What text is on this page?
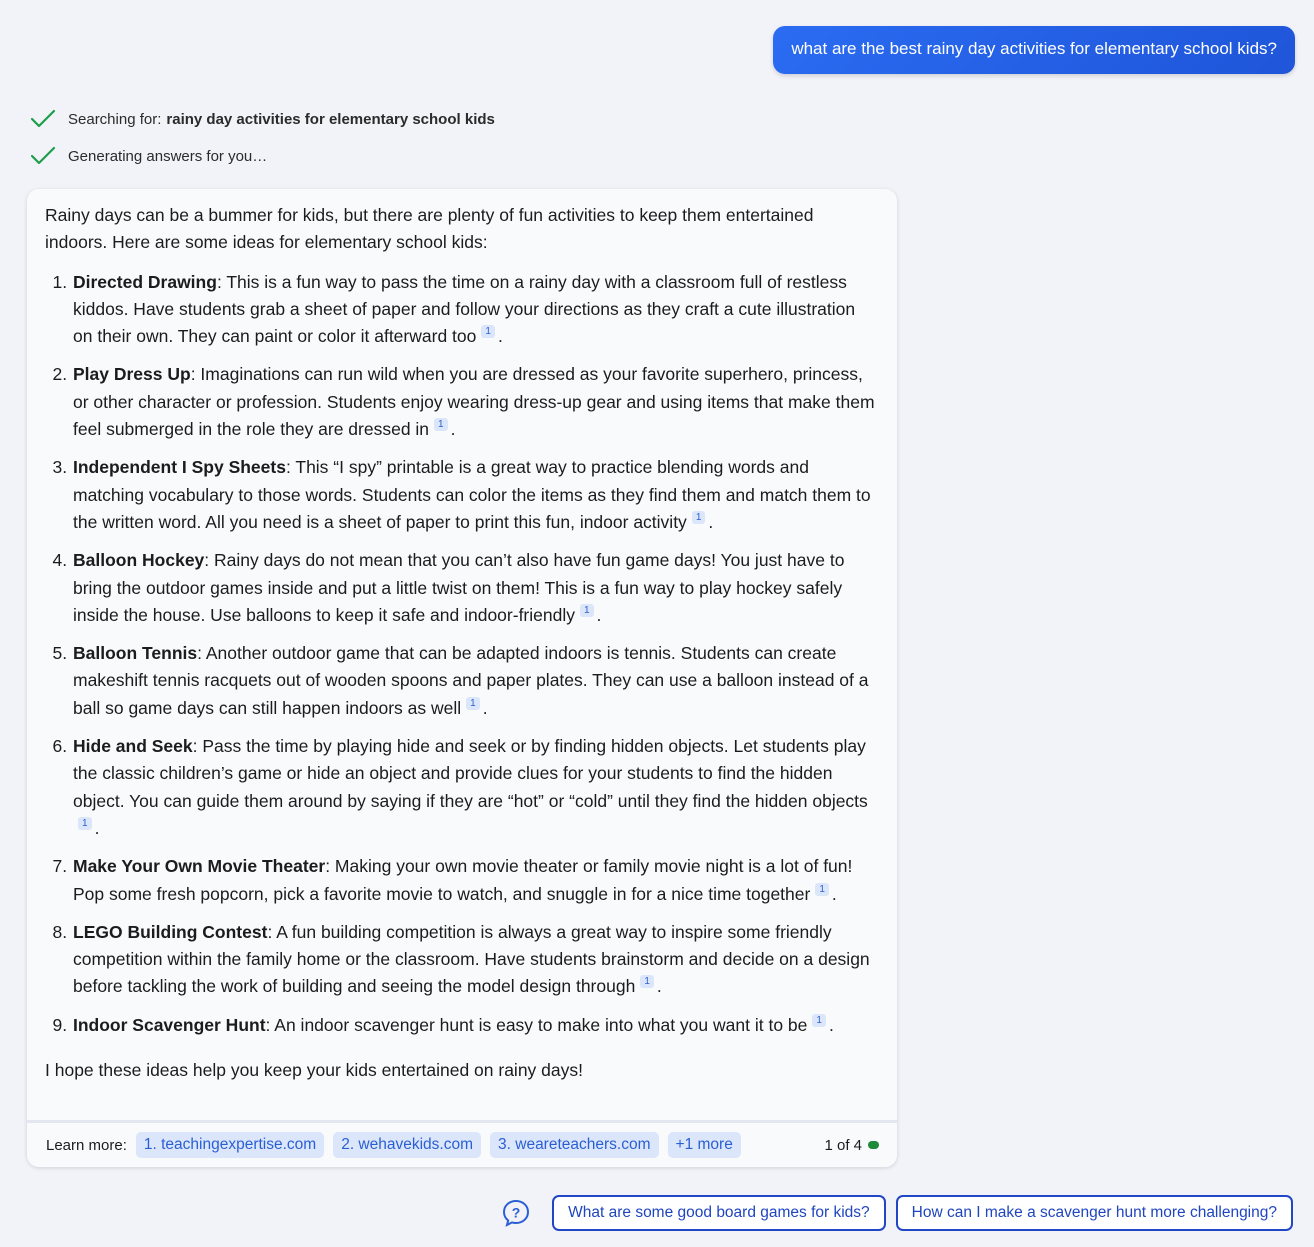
what are the best rainy day activities for elementary school kids?
Searching for: rainy day activities for elementary school kids
Generating answers for you…

Rainy days can be a bummer for kids, but there are plenty of fun activities to keep them entertained indoors. Here are some ideas for elementary school kids:

1. Directed Drawing: This is a fun way to pass the time on a rainy day with a classroom full of restless kiddos. Have students grab a sheet of paper and follow your directions as they craft a cute illustration on their own. They can paint or color it afterward too 1 .
2. Play Dress Up: Imaginations can run wild when you are dressed as your favorite superhero, princess, or other character or profession. Students enjoy wearing dress-up gear and using items that make them feel submerged in the role they are dressed in 1 .
3. Independent I Spy Sheets: This “I spy” printable is a great way to practice blending words and matching vocabulary to those words. Students can color the items as they find them and match them to the written word. All you need is a sheet of paper to print this fun, indoor activity 1 .
4. Balloon Hockey: Rainy days do not mean that you can’t also have fun game days! You just have to bring the outdoor games inside and put a little twist on them! This is a fun way to play hockey safely inside the house. Use balloons to keep it safe and indoor-friendly 1 .
5. Balloon Tennis: Another outdoor game that can be adapted indoors is tennis. Students can create makeshift tennis racquets out of wooden spoons and paper plates. They can use a balloon instead of a ball so game days can still happen indoors as well 1 .
6. Hide and Seek: Pass the time by playing hide and seek or by finding hidden objects. Let students play the classic children’s game or hide an object and provide clues for your students to find the hidden object. You can guide them around by saying if they are “hot” or “cold” until they find the hidden objects1 .
7. Make Your Own Movie Theater: Making your own movie theater or family movie night is a lot of fun! Pop some fresh popcorn, pick a favorite movie to watch, and snuggle in for a nice time together 1 .
8. LEGO Building Contest: A fun building competition is always a great way to inspire some friendly competition within the family home or the classroom. Have students brainstorm and decide on a design before tackling the work of building and seeing the model design through 1 .
9. Indoor Scavenger Hunt: An indoor scavenger hunt is easy to make into what you want it to be 1 .

I hope these ideas help you keep your kids entertained on rainy days!

Learn more:	1. teachingexpertise.com	2. wehavekids.com	3. weareteachers.com	+1 more	1 of 4
?	What are some good board games for kids?	How can I make a scavenger hunt more challenging?
